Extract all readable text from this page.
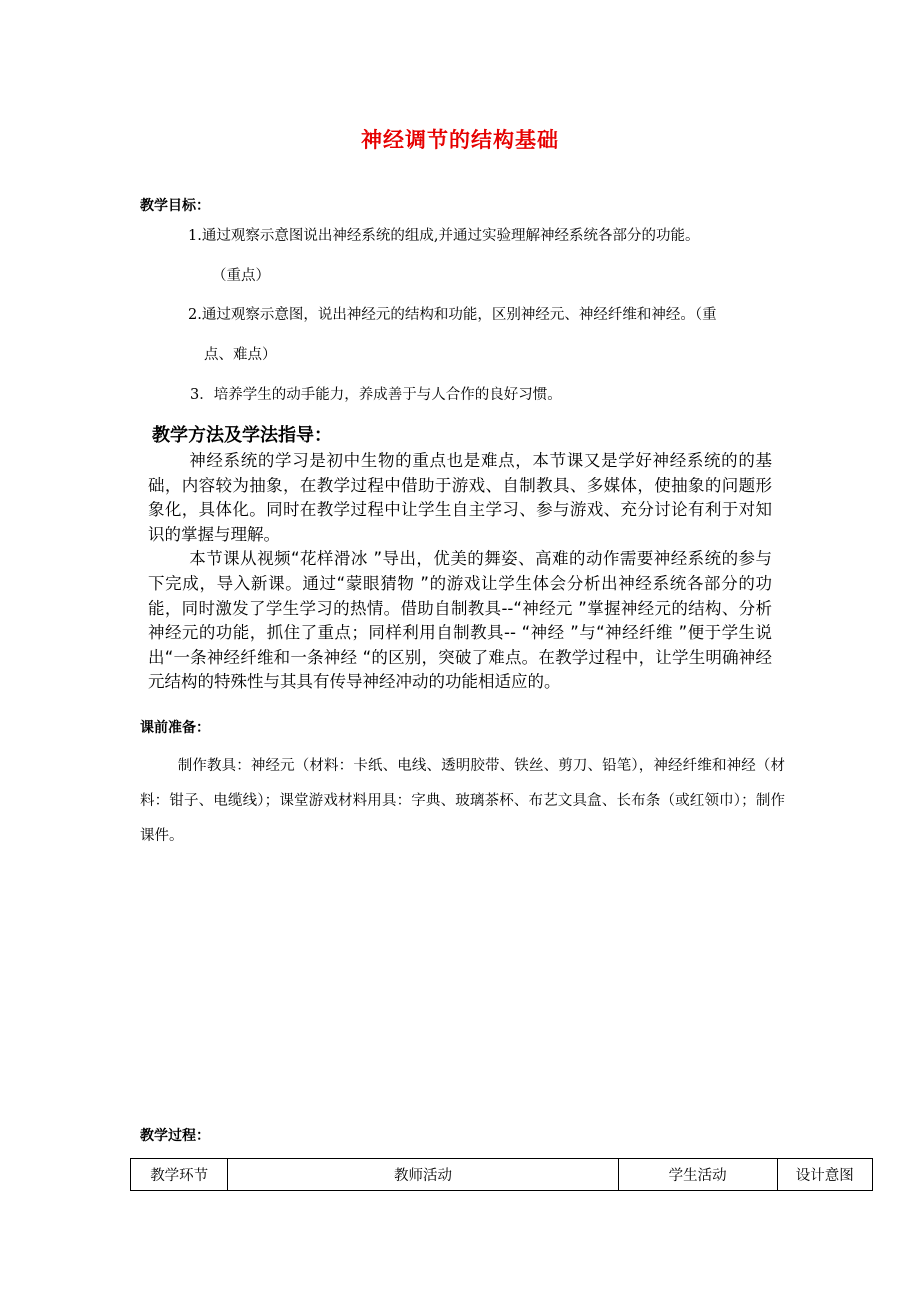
神经调节的结构基础
教学目标：
1.通过观察示意图说出神经系统的组成,并通过实验理解神经系统各部分的功能。
（重点）
2.通过观察示意图，说出神经元的结构和功能，区别神经元、神经纤维和神经。（重
点、难点）
3．培养学生的动手能力，养成善于与人合作的良好习惯。
教学方法及学法指导：

神经系统的学习是初中生物的重点也是难点，本节课又是学好神经系统的的基础，内容较为抽象，在教学过程中借助于游戏、自制教具、多媒体，使抽象的问题形象化，具体化。同时在教学过程中让学生自主学习、参与游戏、充分讨论有利于对知识的掌握与理解。

本节课从视频“花样滑冰 ”导出，优美的舞姿、高难的动作需要神经系统的参与下完成，导入新课。通过“蒙眼猜物 ”的游戏让学生体会分析出神经系统各部分的功能，同时激发了学生学习的热情。借助自制教具--“神经元 ”掌握神经元的结构、分析神经元的功能，抓住了重点；同样利用自制教具-- “神经 ”与“神经纤维 ”便于学生说出“一条神经纤维和一条神经 “的区别，突破了难点。在教学过程中，让学生明确神经元结构的特殊性与其具有传导神经冲动的功能相适应的。

课前准备：

制作教具：神经元（材料：卡纸、电线、透明胶带、铁丝、剪刀、铅笔），神经纤维和神经（材料：钳子、电缆线）；课堂游戏材料用具：字典、玻璃茶杯、布艺文具盒、长布条（或红领巾）；制作课件。

教学过程：
教学环节	教师活动	学生活动	设计意图
